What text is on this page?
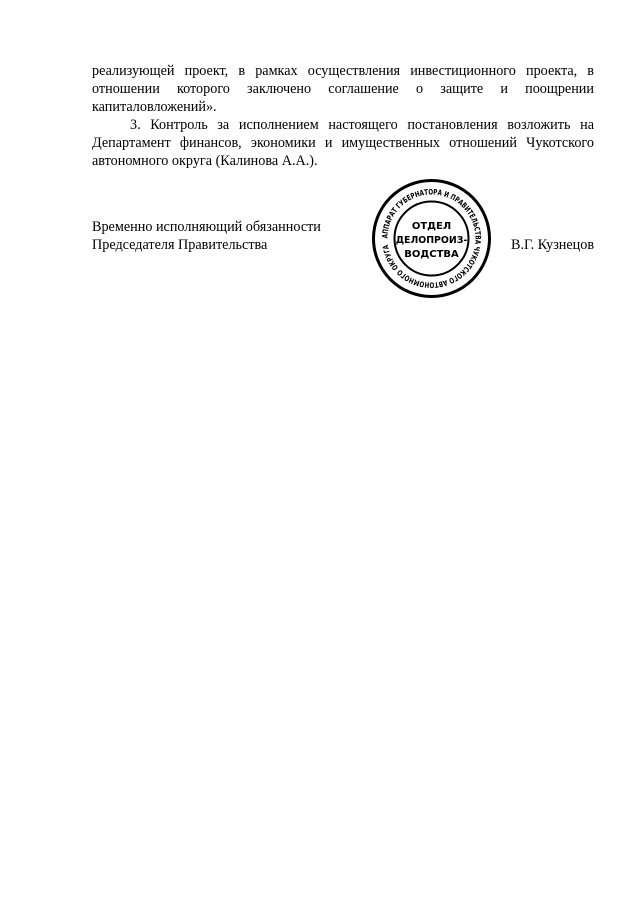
реализующей проект, в рамках осуществления инвестиционного проекта, в
отношении которого заключено соглашение о защите и поощрении
капиталовложений».
3. Контроль за исполнением настоящего постановления возложить на
Департамент финансов, экономики и имущественных отношений Чукотского
автономного округа (Калинова А.А.).
Временно исполняющий обязанности
Председателя Правительства
АППАРАТ ГУБЕРНАТОРА И ПРАВИТЕЛЬСТВА ЧУКОТСКОГО АВТОНОМНОГО ОКРУГА
ОТДЕЛ
ДЕЛОПРОИЗ-
ВОДСТВА
В.Г. Кузнецов
